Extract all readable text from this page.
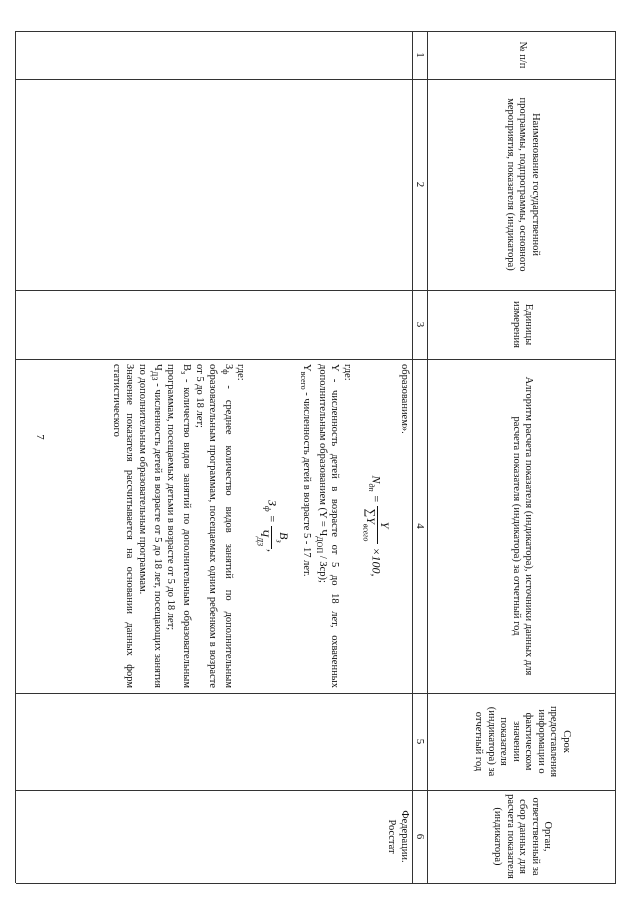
7
№ п/п
Наименование государственной программы, подпрограммы, основного мероприятия, показателя (индикатора)
Единицы измерения
Алгоритм расчета показателя (индикатора), источники данных для расчета показателя (индикатора) за отчетный год
Срок предоставления информации о фактическом значении показателя (индикатора) за отчетный год
Орган, ответственный за сбор данных для расчета показателя (индикатора)
1
2
3
4
5
6

образованием».

$N_{дп}$ =
Y
$\sum Y_{всего}$
×100,

где:

Y - численность детей в возрасте от 5 до 18 лет, охваченных дополнительным образованием $(Y = Ч_{ДОП} / Зср)$;

$Y_{всего}$ - численность детей в возрасте 5 - 17 лет.

$З_ф$ =
$В_з$
$Ч_{ДЗ}$
,

где:

$З_ф$ - среднее количество видов занятий по дополнительным образовательным программам, посещаемых одним ребенком в возрасте от 5 до 18 лет;

$В_з$ - количество видов занятий по дополнительным образовательным программам, посещаемых детьми в возрасте от 5 до 18 лет;

$Ч_{ДЗ}$ - численность детей в возрасте от 5 до 18 лет, посещающих занятия по дополнительным образовательным программам.

Значение показателя рассчитывается на основании данных форм статистического

Федерации. Росстат
